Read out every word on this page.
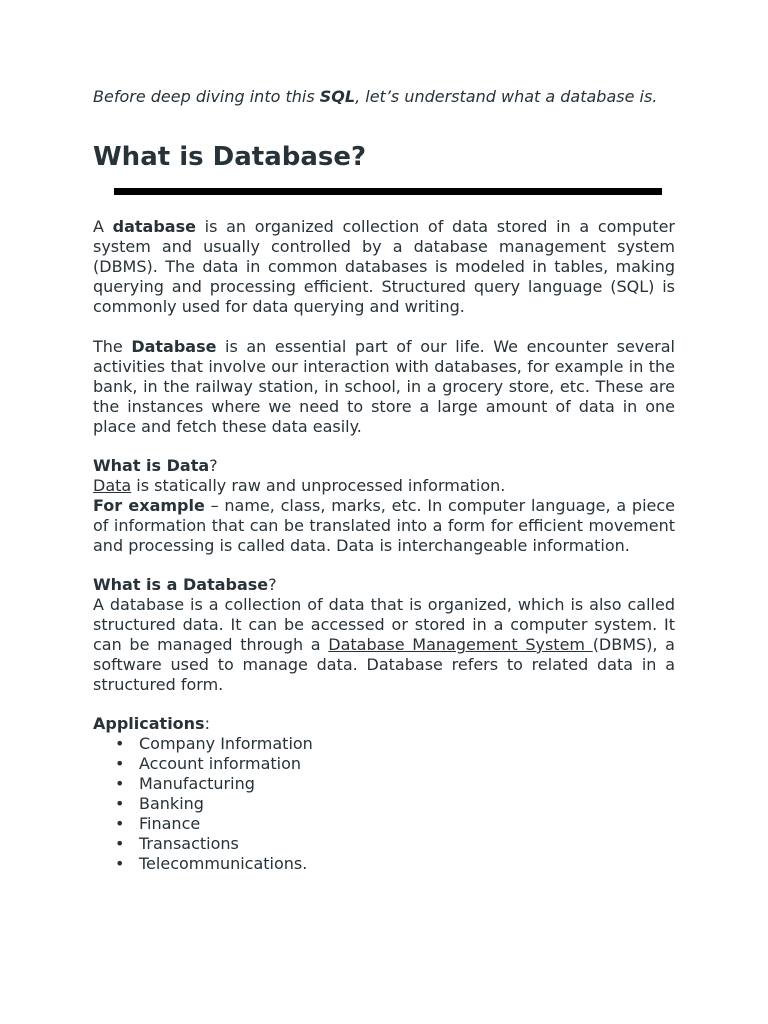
Before deep diving into this SQL, let’s understand what a database is.

What is Database?

A database is an organized collection of data stored in a computer system and usually controlled by a database management system (DBMS). The data in common databases is modeled in tables, making querying and processing efficient. Structured query language (SQL) is commonly used for data querying and writing.

The Database is an essential part of our life. We encounter several activities that involve our interaction with databases, for example in the bank, in the railway station, in school, in a grocery store, etc. These are the instances where we need to store a large amount of data in one place and fetch these data easily.

What is Data?

Data is statically raw and unprocessed information.

For example – name, class, marks, etc. In computer language, a piece of information that can be translated into a form for efficient movement and processing is called data. Data is interchangeable information.

What is a Database?

A database is a collection of data that is organized, which is also called structured data. It can be accessed or stored in a computer system. It can be managed through a Database Management System (DBMS), a software used to manage data. Database refers to related data in a structured form.

Applications:

• Company Information
• Account information
• Manufacturing
• Banking
• Finance
• Transactions
• Telecommunications.
